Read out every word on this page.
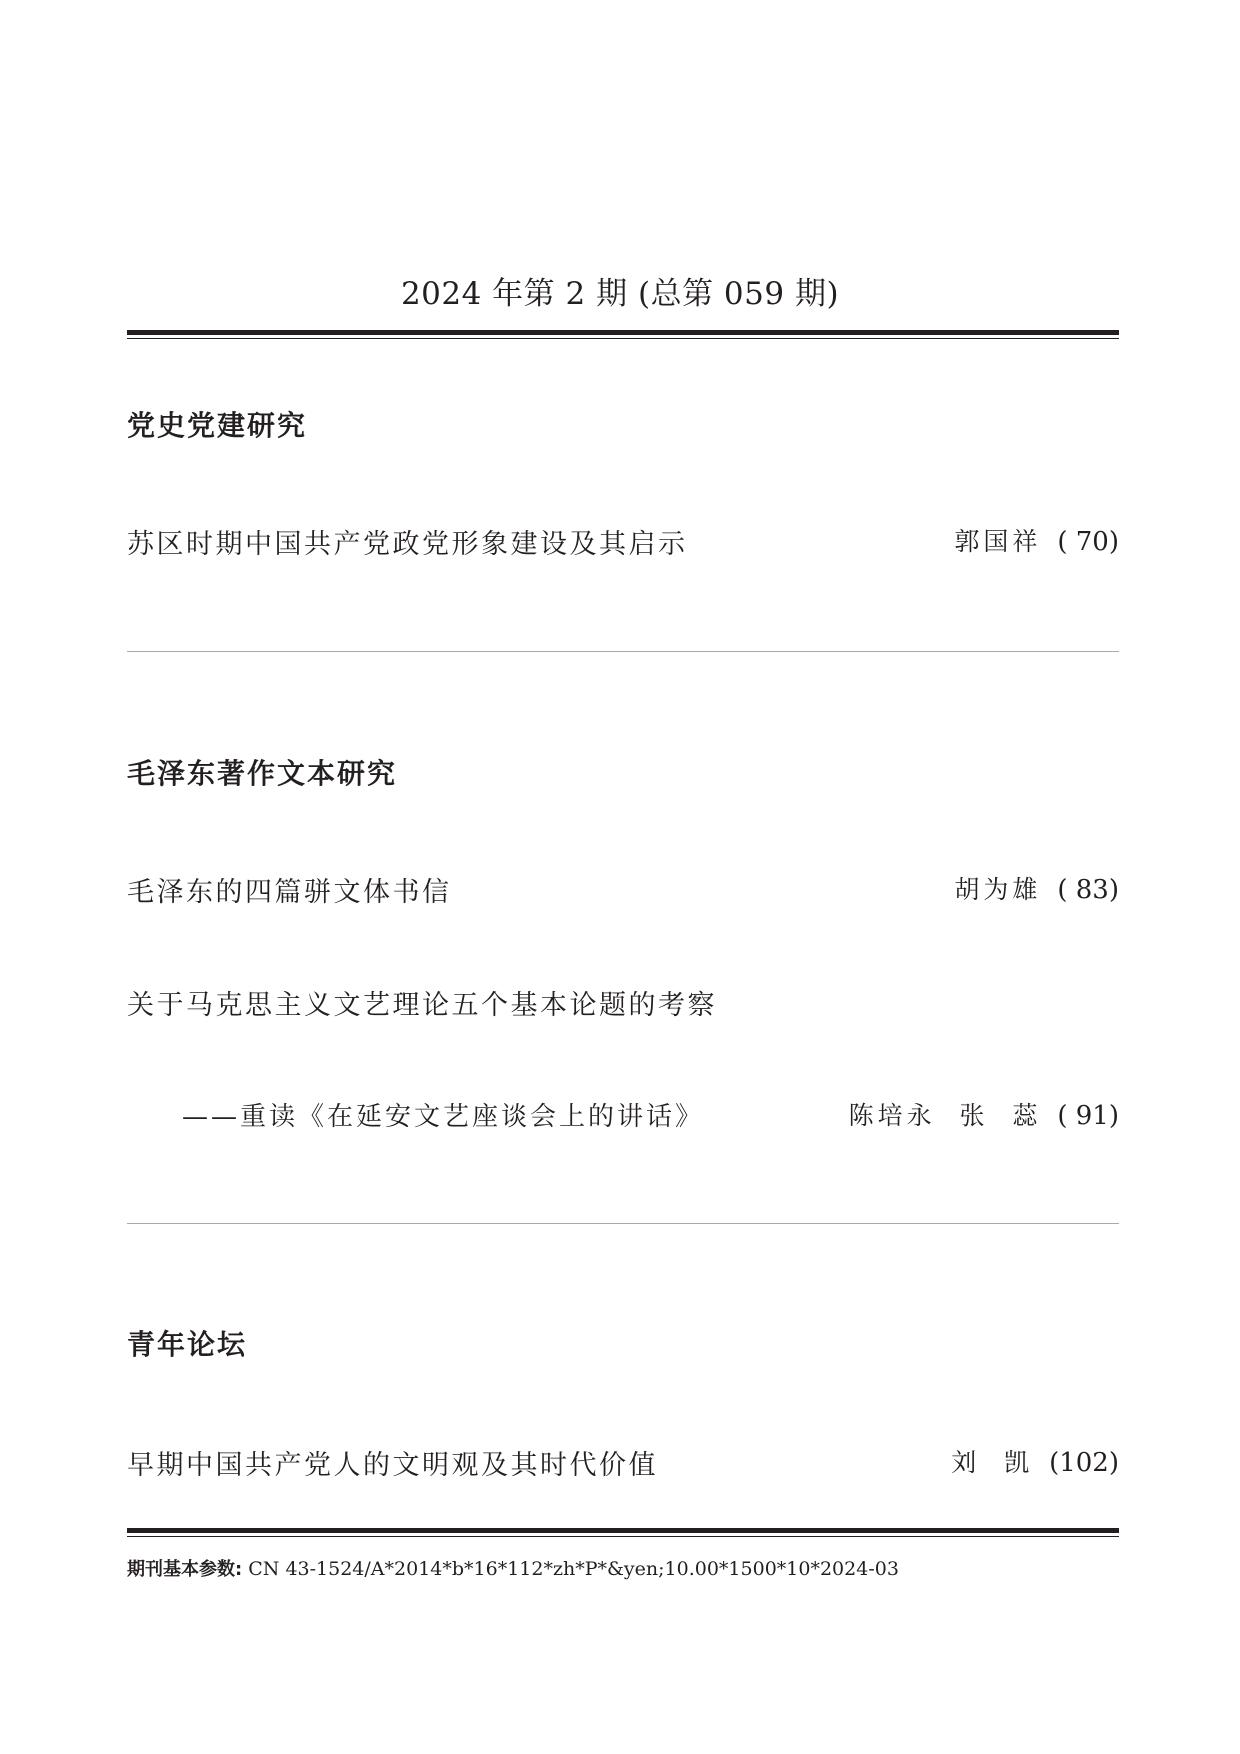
2024 年第 2 期 (总第 059 期)
党史党建研究
苏区时期中国共产党政党形象建设及其启示	郭国祥 ( 70)
毛泽东著作文本研究
毛泽东的四篇骈文体书信	胡为雄 ( 83)
关于马克思主义文艺理论五个基本论题的考察
——重读《在延安文艺座谈会上的讲话》	陈培永  张  蕊 ( 91)
青年论坛
早期中国共产党人的文明观及其时代价值	刘  凯 (102)
期刊基本参数: CN 43-1524/A*2014*b*16*112*zh*P*&yen;10.00*1500*10*2024-03
